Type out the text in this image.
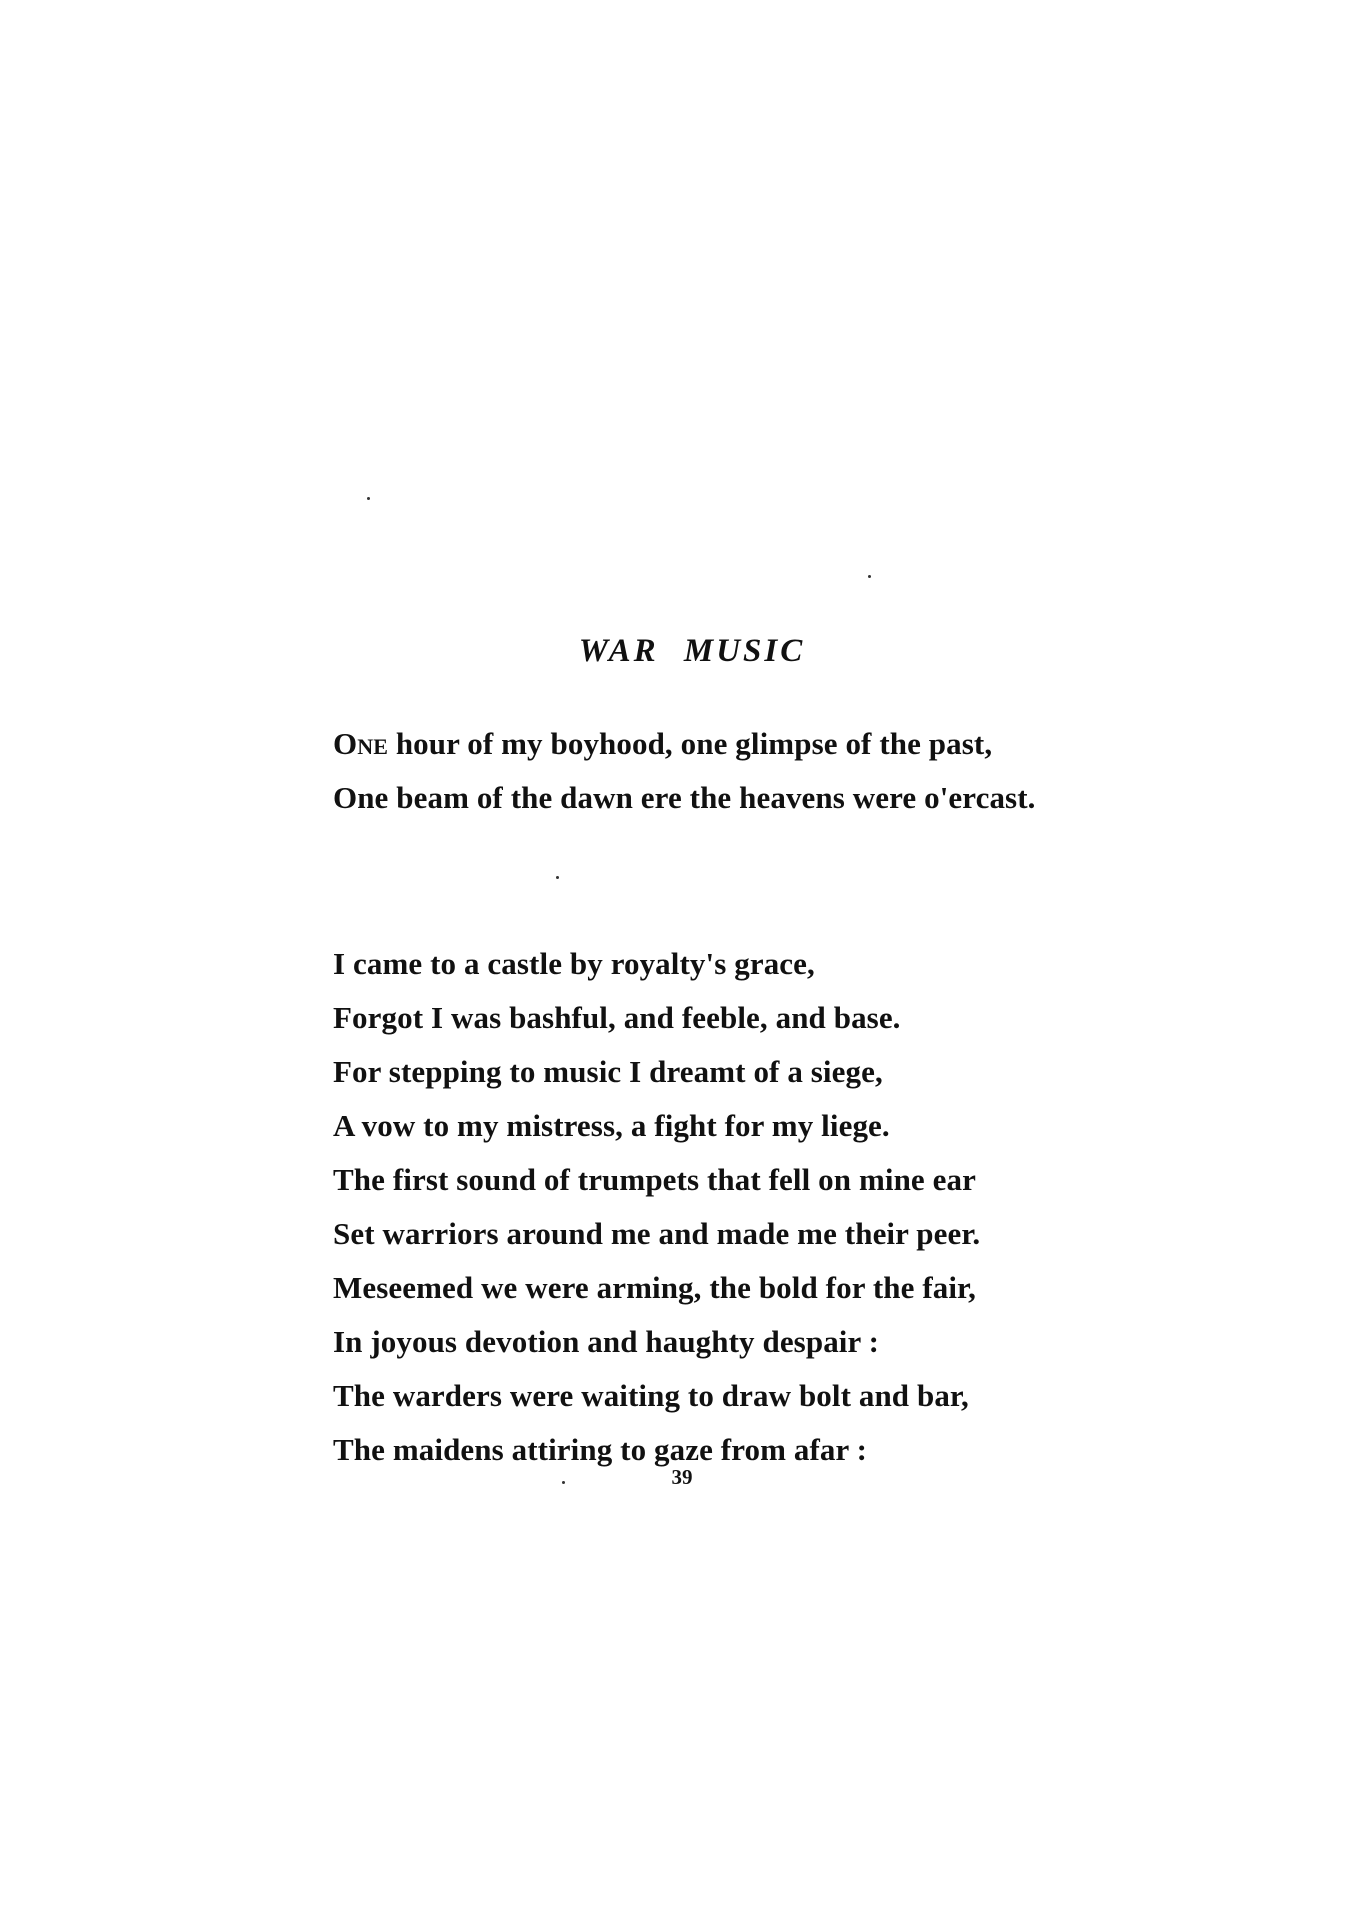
WAR MUSIC
One hour of my boyhood, one glimpse of the past,
One beam of the dawn ere the heavens were o'ercast.
I came to a castle by royalty's grace,
Forgot I was bashful, and feeble, and base.
For stepping to music I dreamt of a siege,
A vow to my mistress, a fight for my liege.
The first sound of trumpets that fell on mine ear
Set warriors around me and made me their peer.
Meseemed we were arming, the bold for the fair,
In joyous devotion and haughty despair :
The warders were waiting to draw bolt and bar,
The maidens attiring to gaze from afar :
39
